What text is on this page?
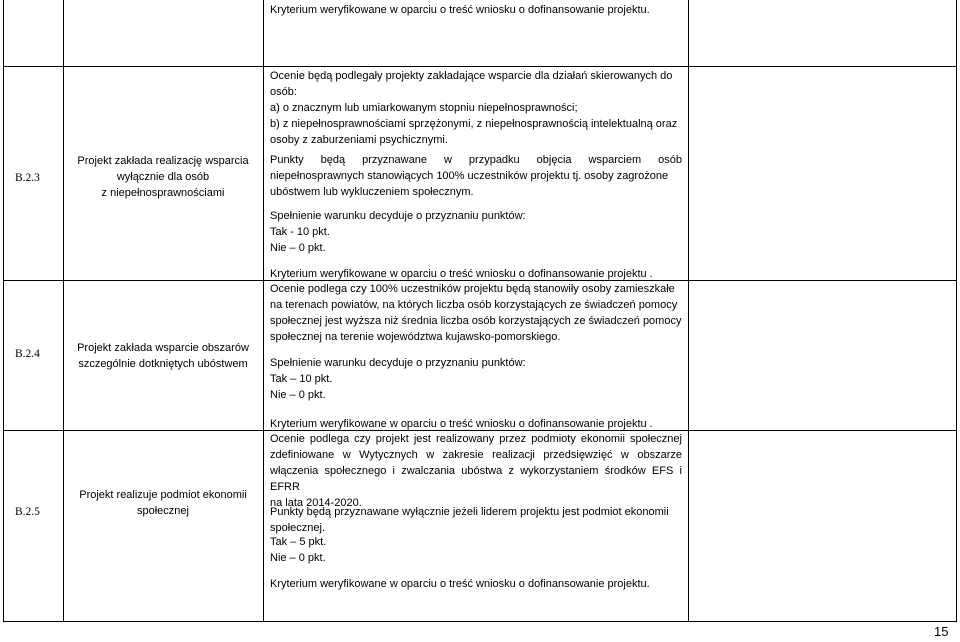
Kryterium weryfikowane w oparciu o treść wniosku o dofinansowanie projektu.
B.2.3
Projekt zakłada realizację wsparcia
wyłącznie dla osób
z niepełnosprawnościami
Ocenie będą podlegały projekty zakładające wsparcie dla działań skierowanych do
osób:
a) o znacznym lub umiarkowanym stopniu niepełnosprawności;
b) z niepełnosprawnościami sprzężonymi, z niepełnosprawnością intelektualną oraz
osoby z zaburzeniami psychicznymi.
Punkty będą przyznawane w przypadku objęcia wsparciem osób
niepełnosprawnych stanowiących 100% uczestników projektu tj. osoby zagrożone
ubóstwem lub wykluczeniem społecznym.
Spełnienie warunku decyduje o przyznaniu punktów:
Tak - 10 pkt.
Nie – 0 pkt.
Kryterium weryfikowane w oparciu o treść wniosku o dofinansowanie projektu .
B.2.4	Projekt zakłada wsparcie obszarów
szczególnie dotkniętych ubóstwem
Ocenie podlega czy 100% uczestników projektu będą stanowiły osoby zamieszkałe
na terenach powiatów, na których liczba osób korzystających ze świadczeń pomocy
społecznej jest wyższa niż średnia liczba osób korzystających ze świadczeń pomocy
społecznej na terenie województwa kujawsko-pomorskiego.
Spełnienie warunku decyduje o przyznaniu punktów:
Tak – 10 pkt.
Nie – 0 pkt.
Kryterium weryfikowane w oparciu o treść wniosku o dofinansowanie projektu .
B.2.5
Projekt realizuje podmiot ekonomii
społecznej
Ocenie podlega czy projekt jest realizowany przez podmioty ekonomii społecznej
zdefiniowane w Wytycznych w zakresie realizacji przedsięwzięć w obszarze
włączenia społecznego i zwalczania ubóstwa z wykorzystaniem środków EFS i EFRR
na lata 2014-2020.
Punkty będą przyznawane wyłącznie jeżeli liderem projektu jest podmiot ekonomii
społecznej.
Tak – 5 pkt.
Nie – 0 pkt.
Kryterium weryfikowane w oparciu o treść wniosku o dofinansowanie projektu.
15
